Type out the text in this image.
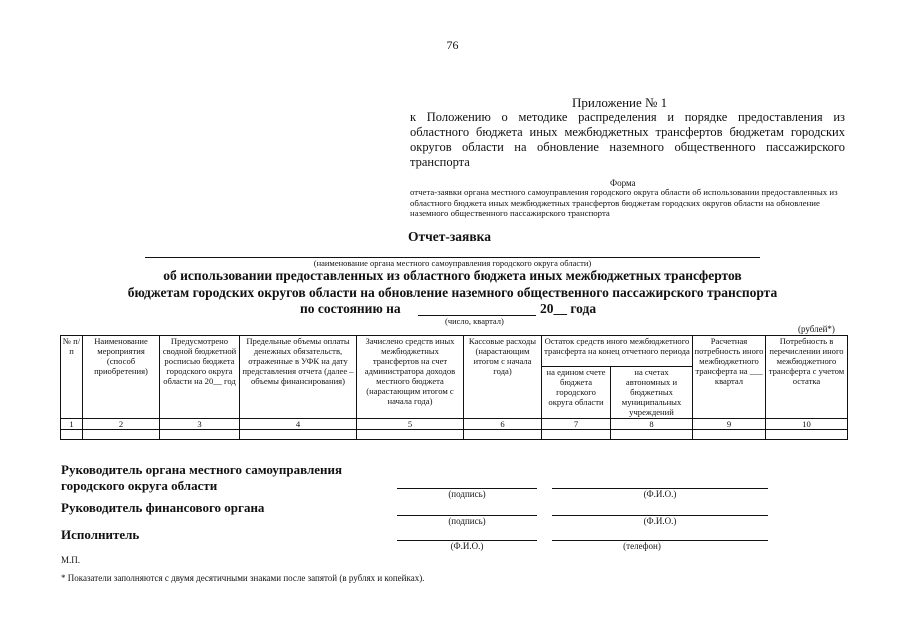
76
Приложение № 1
к Положению о методике распределения и порядке предоставления из областного бюджета иных межбюджетных трансфертов бюджетам городских округов области на обновление наземного общественного пассажирского транспорта
Форма
отчета-заявки органа местного самоуправления городского округа области об использовании предоставленных из областного бюджета иных межбюджетных трансфертов бюджетам городских округов области на обновление наземного общественного пассажирского транспорта
Отчет-заявка
(наименование органа местного самоуправления городского округа области)
об использовании предоставленных из областного бюджета иных межбюджетных трансфертов
бюджетам городских округов области на обновление наземного общественного пассажирского транспорта
по состоянию на	20__ года
(число, квартал)
(рублей*)
№ п/п	Наименование мероприятия (способ приобретения)	Предусмотрено сводной бюджетной росписью бюджета городского округа области на 20__ год	Предельные объемы оплаты денежных обязательств, отраженные в УФК на дату представления отчета (далее – объемы финансирования)	Зачислено средств иных межбюджетных трансфертов на счет администратора доходов местного бюджета (нарастающим итогом с начала года)	Кассовые расходы (нарастающим итогом с начала года)	Остаток средств иного межбюджетного трансферта на конец отчетного периода		Расчетная потребность иного межбюджетного трансферта на ___ квартал	Потребность в перечислении иного межбюджетного трансферта с учетом остатка
						на едином счете бюджета городского округа области	на счетах автономных и бюджетных муниципальных учреждений		
1	2	3	4	5	6	7	8	9	10

Руководитель органа местного самоуправления городского округа области
(подпись)	(Ф.И.О.)
Руководитель финансового органа
(подпись)	(Ф.И.О.)
Исполнитель
(Ф.И.О.)	(телефон)
М.П.
* Показатели заполняются с двумя десятичными знаками после запятой (в рублях и копейках).
